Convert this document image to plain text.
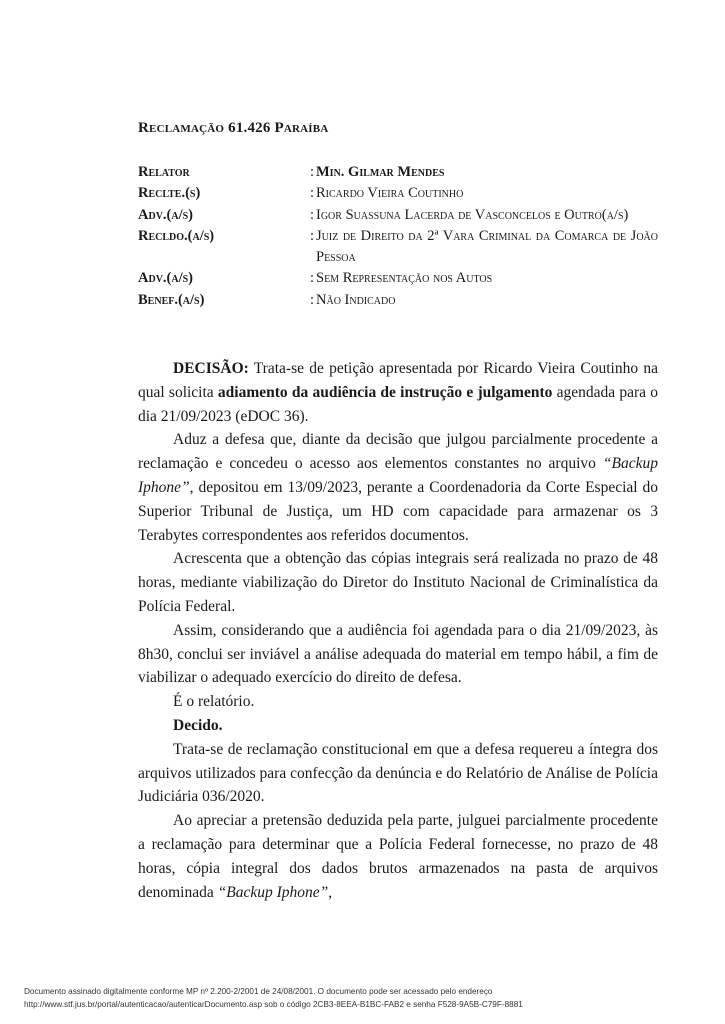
Reclamação 61.426 Paraíba
Relator	: Min. Gilmar Mendes
Reclte.(s)	: Ricardo Vieira Coutinho
Adv.(a/s)	: Igor Suassuna Lacerda de Vasconcelos e Outro(a/s)
Recldo.(a/s)	: Juiz de Direito da 2ª Vara Criminal da Comarca de João Pessoa
Adv.(a/s)	: Sem Representação nos Autos
Benef.(a/s)	: Não Indicado

DECISÃO: Trata-se de petição apresentada por Ricardo Vieira Coutinho na qual solicita adiamento da audiência de instrução e julgamento agendada para o dia 21/09/2023 (eDOC 36).

Aduz a defesa que, diante da decisão que julgou parcialmente procedente a reclamação e concedeu o acesso aos elementos constantes no arquivo “Backup Iphone”, depositou em 13/09/2023, perante a Coordenadoria da Corte Especial do Superior Tribunal de Justiça, um HD com capacidade para armazenar os 3 Terabytes correspondentes aos referidos documentos.

Acrescenta que a obtenção das cópias integrais será realizada no prazo de 48 horas, mediante viabilização do Diretor do Instituto Nacional de Criminalística da Polícia Federal.

Assim, considerando que a audiência foi agendada para o dia 21/09/2023, às 8h30, conclui ser inviável a análise adequada do material em tempo hábil, a fim de viabilizar o adequado exercício do direito de defesa.

É o relatório.

Decido.

Trata-se de reclamação constitucional em que a defesa requereu a íntegra dos arquivos utilizados para confecção da denúncia e do Relatório de Análise de Polícia Judiciária 036/2020.

Ao apreciar a pretensão deduzida pela parte, julguei parcialmente procedente a reclamação para determinar que a Polícia Federal fornecesse, no prazo de 48 horas, cópia integral dos dados brutos armazenados na pasta de arquivos denominada “Backup Iphone”,

Documento assinado digitalmente conforme MP nº 2.200-2/2001 de 24/08/2001. O documento pode ser acessado pelo endereço
http://www.stf.jus.br/portal/autenticacao/autenticarDocumento.asp sob o código 2CB3-8EEA-B1BC-FAB2 e senha F528-9A5B-C79F-8881
